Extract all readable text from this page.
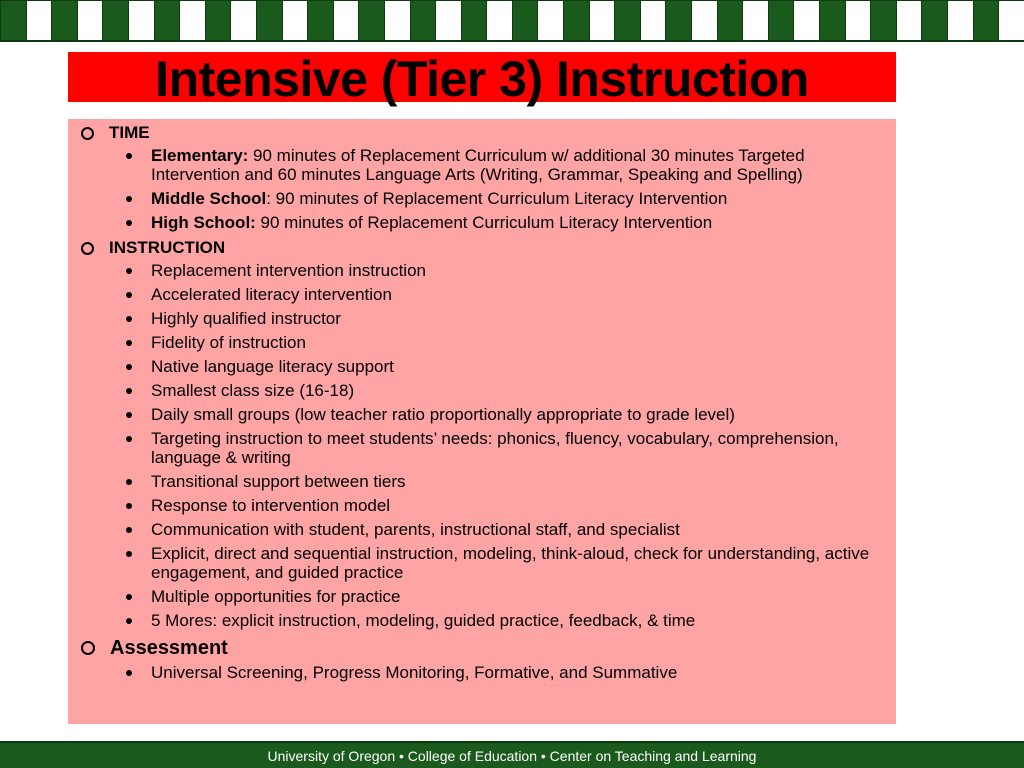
Intensive (Tier 3) Instruction
TIME
Elementary: 90 minutes of Replacement Curriculum w/ additional 30 minutes Targeted Intervention and 60 minutes Language Arts (Writing, Grammar, Speaking and Spelling)
Middle School: 90 minutes of Replacement Curriculum Literacy Intervention
High School: 90 minutes of Replacement Curriculum Literacy Intervention
INSTRUCTION
Replacement intervention instruction
Accelerated literacy intervention
Highly qualified instructor
Fidelity of instruction
Native language literacy support
Smallest class size (16-18)
Daily small groups (low teacher ratio proportionally appropriate to grade level)
Targeting instruction to meet students’ needs: phonics, fluency, vocabulary, comprehension, language & writing
Transitional support between tiers
Response to intervention model
Communication with student, parents, instructional staff, and specialist
Explicit, direct and sequential instruction, modeling, think-aloud, check for understanding, active engagement, and guided practice
Multiple opportunities for practice
5 Mores: explicit instruction, modeling, guided practice, feedback, & time
Assessment
Universal Screening, Progress Monitoring, Formative, and Summative
University of Oregon • College of Education • Center on Teaching and Learning
